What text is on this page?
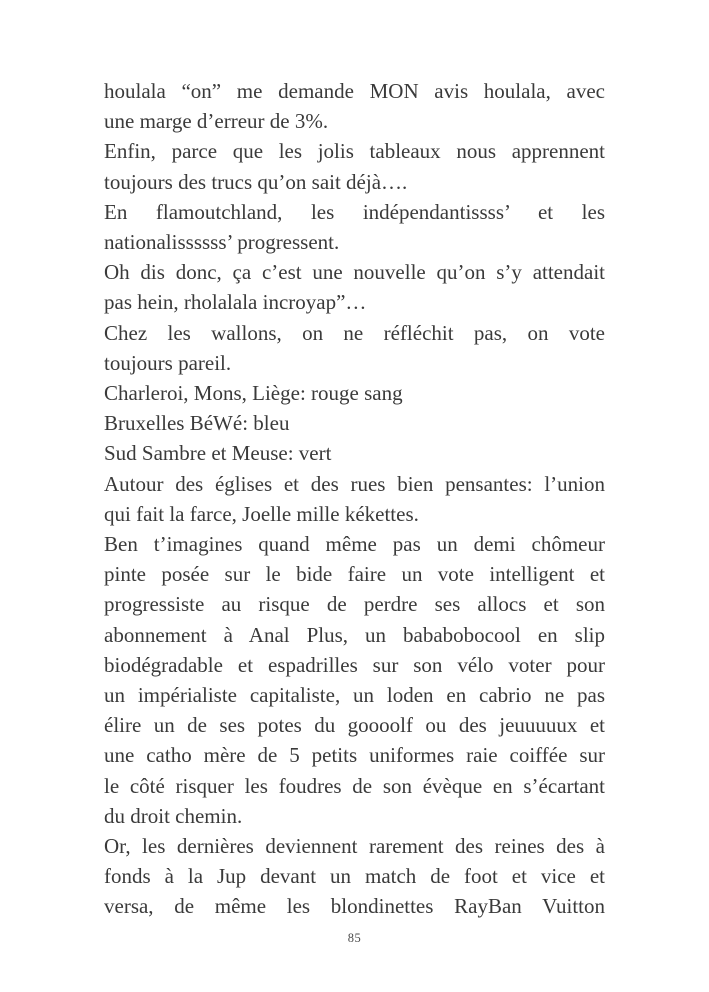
houlala “on” me demande MON avis houlala, avec
une marge d’erreur de 3%.
Enfin, parce que les jolis tableaux nous apprennent
toujours des trucs qu’on sait déjà….
En flamoutchland, les indépendantissss’ et les
nationalissssss’ progressent.
Oh dis donc, ça c’est une nouvelle qu’on s’y attendait
pas hein, rholalala incroyap”…
Chez les wallons, on ne réfléchit pas, on vote
toujours pareil.
Charleroi, Mons, Liège: rouge sang
Bruxelles BéWé: bleu
Sud Sambre et Meuse: vert
Autour des églises et des rues bien pensantes: l’union
qui fait la farce, Joelle mille kékettes.
Ben t’imagines quand même pas un demi chômeur
pinte posée sur le bide faire un vote intelligent et
progressiste au risque de perdre ses allocs et son
abonnement à Anal Plus, un bababobocool en slip
biodégradable et espadrilles sur son vélo voter pour
un impérialiste capitaliste, un loden en cabrio ne pas
élire un de ses potes du goooolf ou des jeuuuuux et
une catho mère de 5 petits uniformes raie coiffée sur
le côté risquer les foudres de son évèque en s’écartant
du droit chemin.
Or, les dernières deviennent rarement des reines des à
fonds à la Jup devant un match de foot et vice et
versa, de même les blondinettes RayBan Vuitton
85
